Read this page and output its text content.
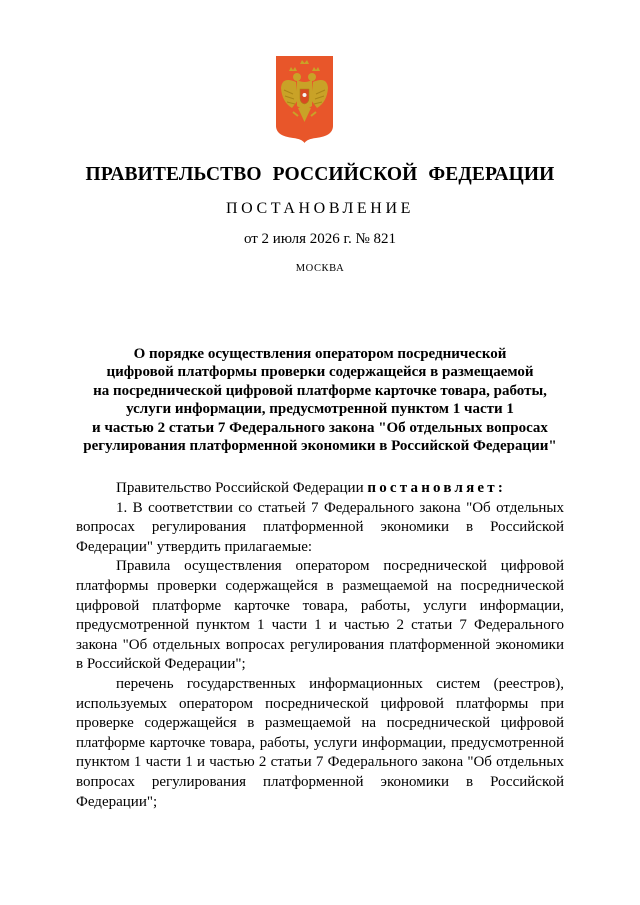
ПРАВИТЕЛЬСТВО РОССИЙСКОЙ ФЕДЕРАЦИИ
ПОСТАНОВЛЕНИЕ
от 2 июля 2026 г. № 821
МОСКВА
О порядке осуществления оператором посреднической
цифровой платформы проверки содержащейся в размещаемой
на посреднической цифровой платформе карточке товара, работы,
услуги информации, предусмотренной пунктом 1 части 1
и частью 2 статьи 7 Федерального закона "Об отдельных вопросах
регулирования платформенной экономики в Российской Федерации"

Правительство Российской Федерации постановляет:

1. В соответствии со статьей 7 Федерального закона "Об отдельных вопросах регулирования платформенной экономики в Российской Федерации" утвердить прилагаемые:

Правила осуществления оператором посреднической цифровой платформы проверки содержащейся в размещаемой на посреднической цифровой платформе карточке товара, работы, услуги информации, предусмотренной пунктом 1 части 1 и частью 2 статьи 7 Федерального закона "Об отдельных вопросах регулирования платформенной экономики в Российской Федерации";

перечень государственных информационных систем (реестров), используемых оператором посреднической цифровой платформы при проверке содержащейся в размещаемой на посреднической цифровой платформе карточке товара, работы, услуги информации, предусмотренной пунктом 1 части 1 и частью 2 статьи 7 Федерального закона "Об отдельных вопросах регулирования платформенной экономики в Российской Федерации";
